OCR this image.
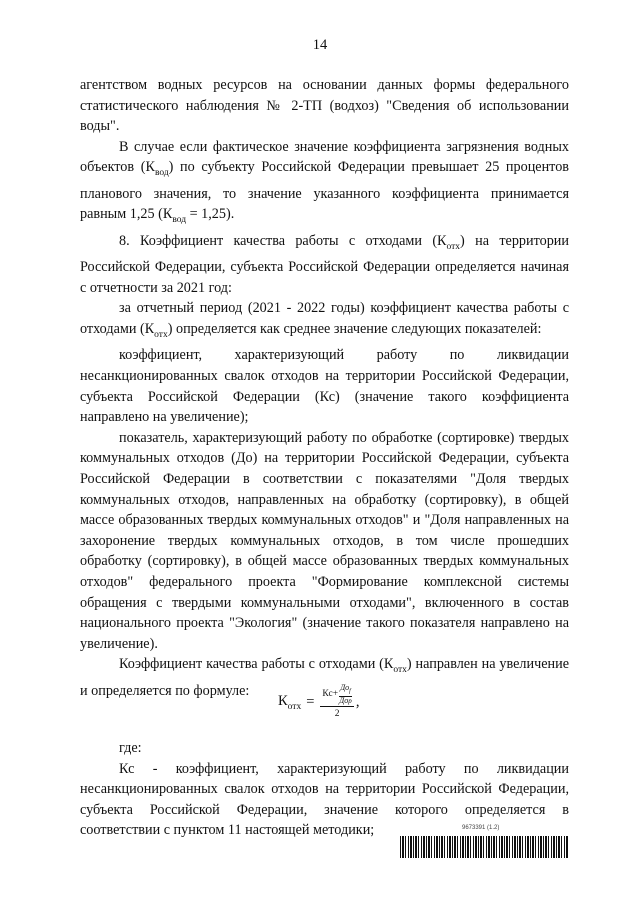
14

агентством водных ресурсов на основании данных формы федерального статистического наблюдения № 2-ТП (водхоз) "Сведения об использовании воды".

В случае если фактическое значение коэффициента загрязнения водных объектов $(К_{вод})$ по субъекту Российской Федерации превышает 25 процентов планового значения, то значение указанного коэффициента принимается равным 1,25 $(К_{вод} = 1,25)$.

8. Коэффициент качества работы с отходами $(К_{отх})$ на территории Российской Федерации, субъекта Российской Федерации определяется начиная с отчетности за 2021 год:

за отчетный период (2021 - 2022 годы) коэффициент качества работы с отходами $(К_{отх})$ определяется как среднее значение следующих показателей:

коэффициент, характеризующий работу по ликвидации несанкционированных свалок отходов на территории Российской Федерации, субъекта Российской Федерации (Кс) (значение такого коэффициента направлено на увеличение);

показатель, характеризующий работу по обработке (сортировке) твердых коммунальных отходов (До) на территории Российской Федерации, субъекта Российской Федерации в соответствии с показателями "Доля твердых коммунальных отходов, направленных на обработку (сортировку), в общей массе образованных твердых коммунальных отходов" и "Доля направленных на захоронение твердых коммунальных отходов, в том числе прошедших обработку (сортировку), в общей массе образованных твердых коммунальных отходов" федерального проекта "Формирование комплексной системы обращения с твердыми коммунальными отходами", включенного в состав национального проекта "Экология" (значение такого показателя направлено на увеличение).

Коэффициент качества работы с отходами $(К_{отх})$ направлен на увеличение и определяется по формуле:

$К_{отх} = \frac{Кс+ \frac{До_f}{\text{Дор}}}{2}$ ,

где:

Кс - коэффициент, характеризующий работу по ликвидации несанкционированных свалок отходов на территории Российской Федерации, субъекта Российской Федерации, значение которого определяется в соответствии с пунктом 11 настоящей методики;	9673391 (1.2)
